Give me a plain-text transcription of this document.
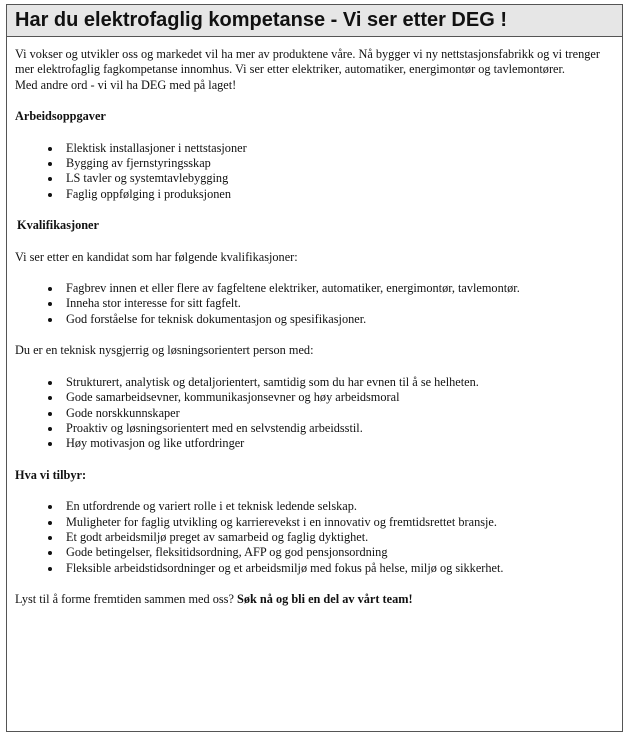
Har du elektrofaglig kompetanse - Vi ser etter DEG !

Vi vokser og utvikler oss og markedet vil ha mer av produktene våre. Nå bygger vi ny nettstasjonsfabrikk og vi trenger mer elektrofaglig fagkompetanse innomhus. Vi ser etter elektriker, automatiker, energimontør og tavlemontører.

Med andre ord - vi vil ha DEG med på laget!

Arbeidsoppgaver
• Elektisk installasjoner i nettstasjoner
• Bygging av fjernstyringsskap
• LS tavler og systemtavlebygging
• Faglig oppfølging i produksjonen
Kvalifikasjoner
Vi ser etter en kandidat som har følgende kvalifikasjoner:
• Fagbrev innen et eller flere av fagfeltene elektriker, automatiker, energimontør, tavlemontør.
• Inneha stor interesse for sitt fagfelt.
• God forståelse for teknisk dokumentasjon og spesifikasjoner.
Du er en teknisk nysgjerrig og løsningsorientert person med:
• Strukturert, analytisk og detaljorientert, samtidig som du har evnen til å se helheten.
• Gode samarbeidsevner, kommunikasjonsevner og høy arbeidsmoral
• Gode norskkunnskaper
• Proaktiv og løsningsorientert med en selvstendig arbeidsstil.
• Høy motivasjon og like utfordringer
Hva vi tilbyr:
• En utfordrende og variert rolle i et teknisk ledende selskap.
• Muligheter for faglig utvikling og karrierevekst i en innovativ og fremtidsrettet bransje.
• Et godt arbeidsmiljø preget av samarbeid og faglig dyktighet.
• Gode betingelser, fleksitidsordning, AFP og god pensjonsordning
• Fleksible arbeidstidsordninger og et arbeidsmiljø med fokus på helse, miljø og sikkerhet.
Lyst til å forme fremtiden sammen med oss? Søk nå og bli en del av vårt team!
